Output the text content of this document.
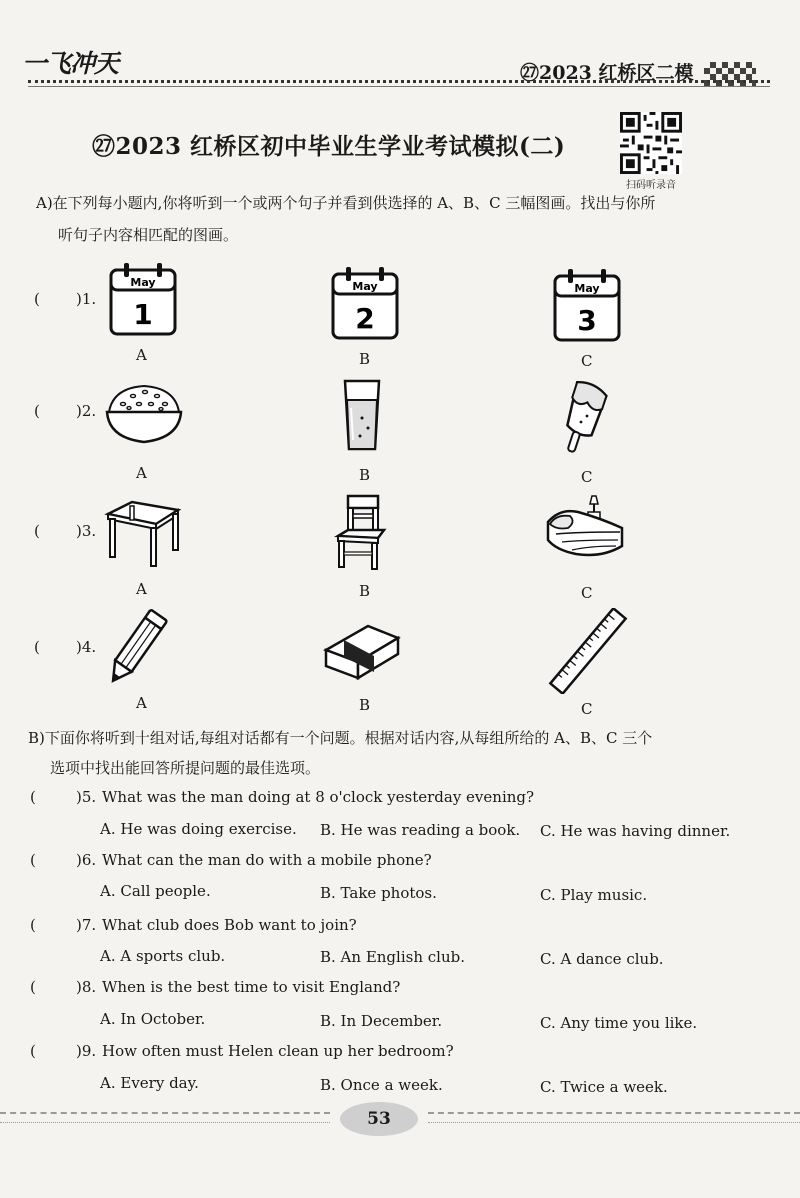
一飞冲天	㉗2023 红桥区二模
㉗2023 红桥区初中毕业生学业考试模拟(二)
扫码听录音
A)在下列每小题内,你将听到一个或两个句子并看到供选择的 A、B、C 三幅图画。找出与你所
听句子内容相匹配的图画。
( )1.
May
1
May
2
May
3
A	B	C
( )2.
A	B	C
( )3.
A	B	C
( )4.
A	B	C
B)下面你将听到十组对话,每组对话都有一个问题。根据对话内容,从每组所给的 A、B、C 三个
选项中找出能回答所提问题的最佳选项。
(	)5. What was the man doing at 8 o'clock yesterday evening?
A. He was doing exercise. B. He was reading a book. C. He was having dinner.
(	)6. What can the man do with a mobile phone?
A. Call people.	B. Take photos.	C. Play music.
(	)7. What club does Bob want to join?
A. A sports club.	B. An English club.	C. A dance club.
(	)8. When is the best time to visit England?
A. In October.	B. In December.	C. Any time you like.
(	)9. How often must Helen clean up her bedroom?
A. Every day.	B. Once a week.	C. Twice a week.
53
